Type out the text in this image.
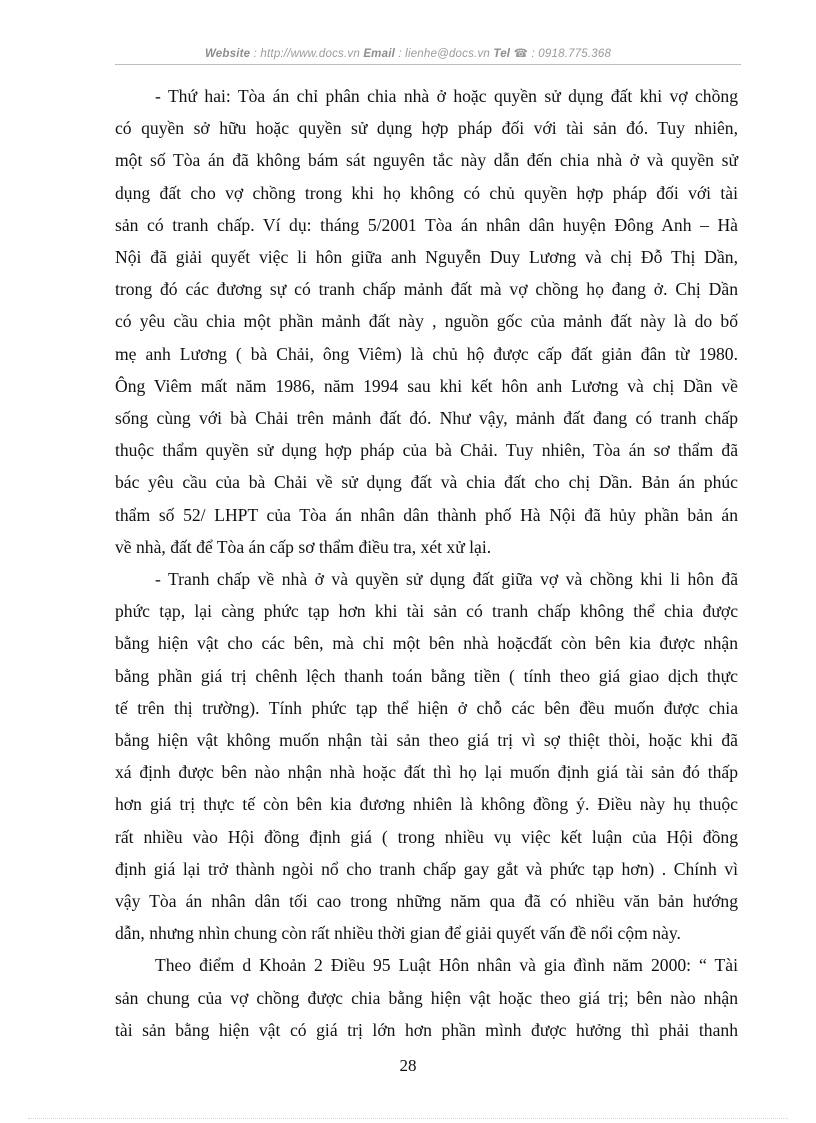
Website : http://www.docs.vn Email : lienhe@docs.vn Tel ☎ : 0918.775.368

- Thứ hai: Tòa án chỉ phân chia nhà ở hoặc quyền sử dụng đất khi vợ chồng
có quyền sở hữu hoặc quyền sử dụng hợp pháp đối với tài sản đó. Tuy nhiên,
một số Tòa án đã không bám sát nguyên tắc này dẫn đến chia nhà ở và quyền sử
dụng đất cho vợ chồng trong khi họ không có chủ quyền hợp pháp đối với tài
sản có tranh chấp. Ví dụ: tháng 5/2001 Tòa án nhân dân huyện Đông Anh – Hà
Nội đã giải quyết việc li hôn giữa anh Nguyễn Duy Lương và chị Đỗ Thị Dần,
trong đó các đương sự có tranh chấp mảnh đất mà vợ chồng họ đang ở. Chị Dần
có yêu cầu chia một phần mảnh đất này , nguồn gốc của mảnh đất này là do bố
mẹ anh Lương ( bà Chải, ông Viêm) là chủ hộ được cấp đất giản đân từ 1980.
Ông Viêm mất năm 1986, năm 1994 sau khi kết hôn anh Lương và chị Dần về
sống cùng với bà Chải trên mảnh đất đó. Như vậy, mảnh đất đang có tranh chấp
thuộc thẩm quyền sử dụng hợp pháp của bà Chải. Tuy nhiên, Tòa án sơ thẩm đã
bác yêu cầu của bà Chải về sử dụng đất và chia đất cho chị Dần. Bản án phúc
thẩm số 52/ LHPT của Tòa án nhân dân thành phố Hà Nội đã hủy phần bản án
về nhà, đất để Tòa án cấp sơ thẩm điều tra, xét xử lại.

- Tranh chấp về nhà ở và quyền sử dụng đất giữa vợ và chồng khi li hôn đã
phức tạp, lại càng phức tạp hơn khi tài sản có tranh chấp không thể chia được
bằng hiện vật cho các bên, mà chỉ một bên nhà hoặcđất còn bên kia được nhận
bằng phần giá trị chênh lệch thanh toán bằng tiền ( tính theo giá giao dịch thực
tế trên thị trường). Tính phức tạp thể hiện ở chỗ các bên đều muốn được chia
bằng hiện vật không muốn nhận tài sản theo giá trị vì sợ thiệt thòi, hoặc khi đã
xá định được bên nào nhận nhà hoặc đất thì họ lại muốn định giá tài sản đó thấp
hơn giá trị thực tế còn bên kia đương nhiên là không đồng ý. Điều này hụ thuộc
rất nhiều vào Hội đồng định giá ( trong nhiều vụ việc kết luận của Hội đồng
định giá lại trở thành ngòi nổ cho tranh chấp gay gắt và phức tạp hơn) . Chính vì
vậy Tòa án nhân dân tối cao trong những năm qua đã có nhiều văn bản hướng
dẫn, nhưng nhìn chung còn rất nhiều thời gian để giải quyết vấn đề nổi cộm này.

Theo điểm d Khoản 2 Điều 95 Luật Hôn nhân và gia đình năm 2000: “ Tài
sản chung của vợ chồng được chia bằng hiện vật hoặc theo giá trị; bên nào nhận
tài sản bằng hiện vật có giá trị lớn hơn phần mình được hưởng thì phải thanh

28
